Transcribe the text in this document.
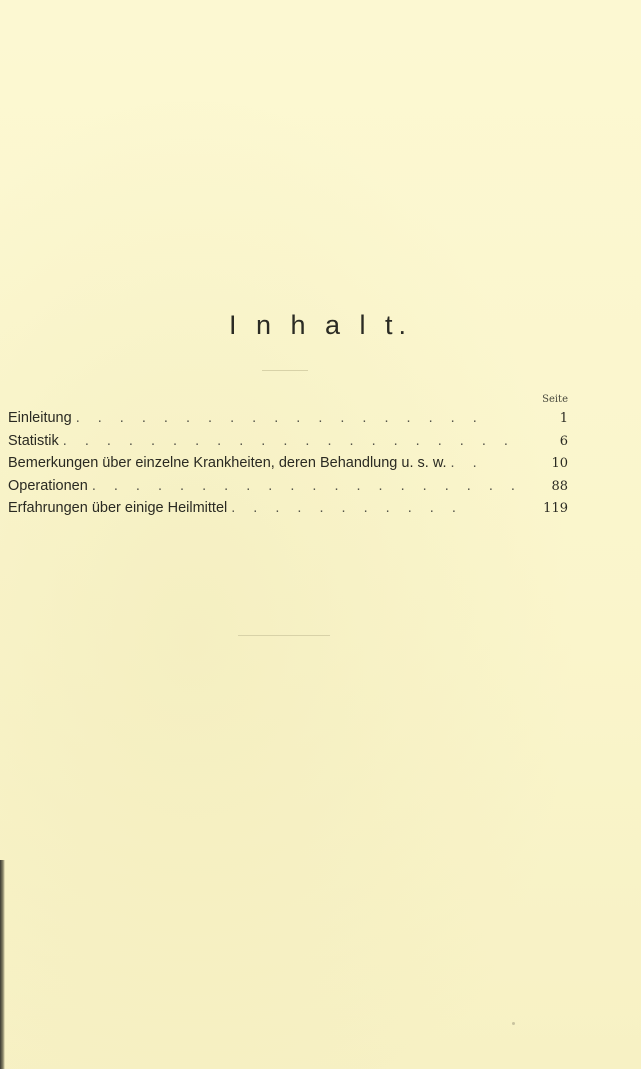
I n h a l t.
Seite
Einleitung . . . . . . . . . . . . . . . . . . .	1
Statistik . . . . . . . . . . . . . . . . . . . . .	6
Bemerkungen über einzelne Krankheiten, deren Behandlung u. s. w. . .	10
Operationen . . . . . . . . . . . . . . . . . . . .	88
Erfahrungen über einige Heilmittel . . . . . . . . . . .	119
